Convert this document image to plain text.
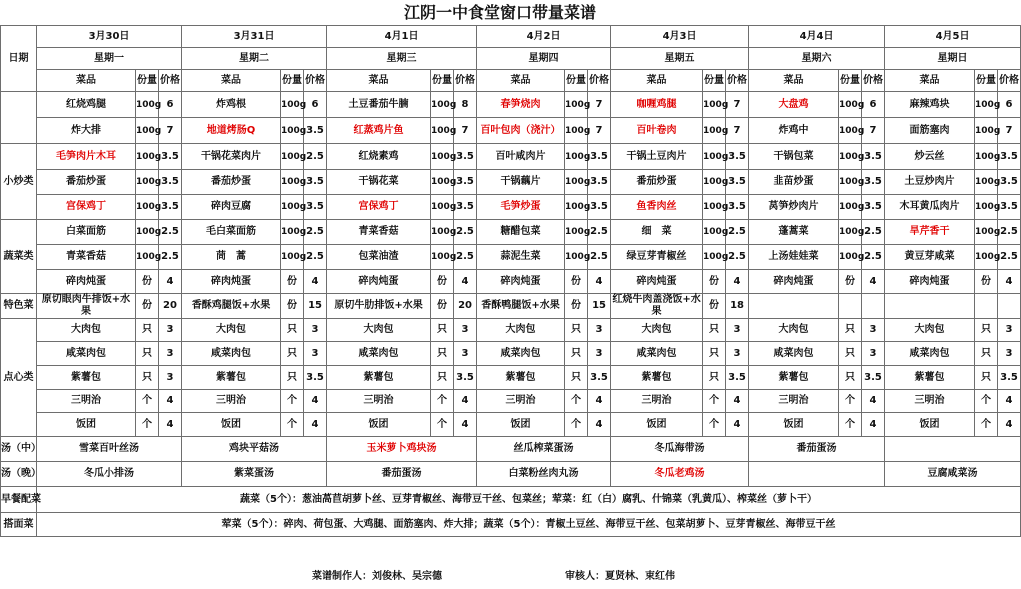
江阴一中食堂窗口带量菜谱
日期	3月30日			3月31日			4月1日			4月2日			4月3日			4月4日			4月5日		
	星期一			星期二			星期三			星期四			星期五			星期六			星期日		
	菜品	份量	价格	菜品	份量	价格	菜品	份量	价格	菜品	份量	价格	菜品	份量	价格	菜品	份量	价格	菜品	份量	价格
	红烧鸡腿	100g	6	炸鸡根	100g	6	土豆番茄牛腩	100g	8	春笋烧肉	100g	7	咖喱鸡腿	100g	7	大盘鸡	100g	6	麻辣鸡块	100g	6
	炸大排	100g	7	地道烤肠Q	100g	3.5	红蒸鸡片鱼	100g	7	百叶包肉（浇汁）	100g	7	百叶卷肉	100g	7	炸鸡中	100g	7	面筋塞肉	100g	7
小炒类	毛笋肉片木耳	100g	3.5	干锅花菜肉片	100g	2.5	红烧素鸡	100g	3.5	百叶咸肉片	100g	3.5	干锅土豆肉片	100g	3.5	干锅包菜	100g	3.5	炒云丝	100g	3.5
	番茄炒蛋	100g	3.5	番茄炒蛋	100g	3.5	干锅花菜	100g	3.5	干锅藕片	100g	3.5	番茄炒蛋	100g	3.5	韭苗炒蛋	100g	3.5	土豆炒肉片	100g	3.5
	宫保鸡丁	100g	3.5	碎肉豆腐	100g	3.5	宫保鸡丁	100g	3.5	毛笋炒蛋	100g	3.5	鱼香肉丝	100g	3.5	莴笋炒肉片	100g	3.5	木耳黄瓜肉片	100g	3.5
蔬菜类	白菜面筋	100g	2.5	毛白菜面筋	100g	2.5	青菜香菇	100g	2.5	糖醋包菜	100g	2.5	细　菜	100g	2.5	蓬蒿菜	100g	2.5	旱芹香干	100g	2.5
	青菜香菇	100g	2.5	茼　蒿	100g	2.5	包菜油渣	100g	2.5	蒜泥生菜	100g	2.5	绿豆芽青椒丝	100g	2.5	上汤娃娃菜	100g	2.5	黄豆芽咸菜	100g	2.5
	碎肉炖蛋	份	4	碎肉炖蛋	份	4	碎肉炖蛋	份	4	碎肉炖蛋	份	4	碎肉炖蛋	份	4	碎肉炖蛋	份	4	碎肉炖蛋	份	4
特色菜	原切眼肉牛排饭+水果	份	20	香酥鸡腿饭+水果	份	15	原切牛肋排饭+水果	份	20	香酥鸭腿饭+水果	份	15	红烧牛肉盖浇饭+水果	份	18						
点心类	大肉包	只	3	大肉包	只	3	大肉包	只	3	大肉包	只	3	大肉包	只	3	大肉包	只	3	大肉包	只	3
	咸菜肉包	只	3	咸菜肉包	只	3	咸菜肉包	只	3	咸菜肉包	只	3	咸菜肉包	只	3	咸菜肉包	只	3	咸菜肉包	只	3
	紫薯包	只	3	紫薯包	只	3.5	紫薯包	只	3.5	紫薯包	只	3.5	紫薯包	只	3.5	紫薯包	只	3.5	紫薯包	只	3.5
	三明治	个	4	三明治	个	4	三明治	个	4	三明治	个	4	三明治	个	4	三明治	个	4	三明治	个	4
	饭团	个	4	饭团	个	4	饭团	个	4	饭团	个	4	饭团	个	4	饭团	个	4	饭团	个	4
汤（中）	雪菜百叶丝汤			鸡块平菇汤			玉米萝卜鸡块汤			丝瓜榨菜蛋汤			冬瓜海带汤			番茄蛋汤					
汤（晚）	冬瓜小排汤			紫菜蛋汤			番茄蛋汤			白菜粉丝肉丸汤			冬瓜老鸡汤						豆腐咸菜汤		
早餐配菜	蔬菜（5个）：葱油萵苣胡萝卜丝、豆芽青椒丝、海带豆干丝、包菜丝；荤菜：红（白）腐乳、什锦菜（乳黄瓜）、榨菜丝（萝卜干）																				
搭面菜	荤菜（5个）：碎肉、荷包蛋、大鸡腿、面筋塞肉、炸大排；蔬菜（5个）：青椒土豆丝、海带豆干丝、包菜胡萝卜、豆芽青椒丝、海带豆干丝																				
菜谱制作人：刘俊林、吴宗德	审核人：夏贤林、束红伟
